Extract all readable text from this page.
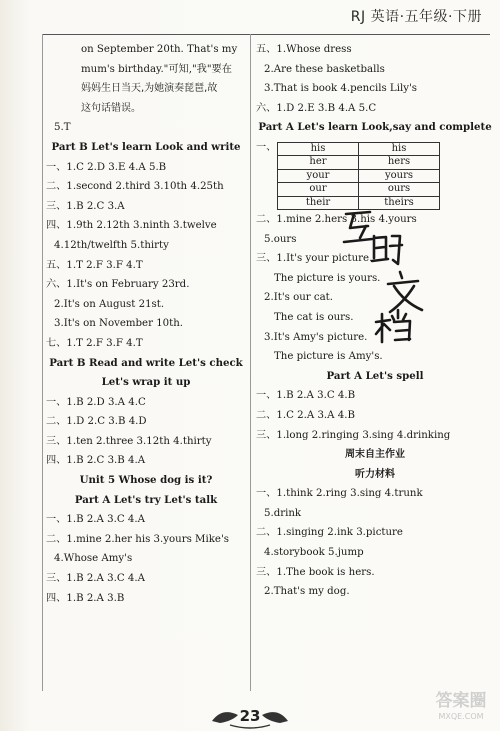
RJ 英语·五年级·下册
on September 20th. That's my
mum's birthday."可知,"我"要在
妈妈生日当天,为她演奏琵琶,故
这句话错误。
5.T
Part B Let's learn Look and write
一、1.C 2.D 3.E 4.A 5.B
二、1.second 2.third 3.10th 4.25th
三、1.B 2.C 3.A
四、1.9th 2.12th 3.ninth 3.twelve
4.12th/twelfth 5.thirty
五、1.T 2.F 3.F 4.T
六、1.It's on February 23rd.
2.It's on August 21st.
3.It's on November 10th.
七、1.T 2.F 3.F 4.T
Part B Read and write Let's check
Let's wrap it up
一、1.B 2.D 3.A 4.C
二、1.D 2.C 3.B 4.D
三、1.ten 2.three 3.12th 4.thirty
四、1.B 2.C 3.B 4.A
Unit 5 Whose dog is it?
Part A Let's try Let's talk
一、1.B 2.A 3.C 4.A
二、1.mine 2.her his 3.yours Mike's
4.Whose Amy's
三、1.B 2.A 3.C 4.A
四、1.B 2.A 3.B
五、1.Whose dress
2.Are these basketballs
3.That is book 4.pencils Lily's
六、1.D 2.E 3.B 4.A 5.C
Part A Let's learn Look,say and complete
一、	his	his
her	hers
your	yours
our	ours
their	theirs
二、1.mine 2.hers 3.his 4.yours
5.ours
三、1.It's your picture.
The picture is yours.
2.It's our cat.
The cat is ours.
3.It's Amy's picture.
The picture is Amy's.
Part A Let's spell
一、1.B 2.A 3.C 4.B
二、1.C 2.A 3.A 4.B
三、1.long 2.ringing 3.sing 4.drinking
周末自主作业
听力材料
一、1.think 2.ring 3.sing 4.trunk
5.drink
二、1.singing 2.ink 3.picture
4.storybook 5.jump
三、1.The book is hers.
2.That's my dog.
23
答案圈
MXQE.COM
